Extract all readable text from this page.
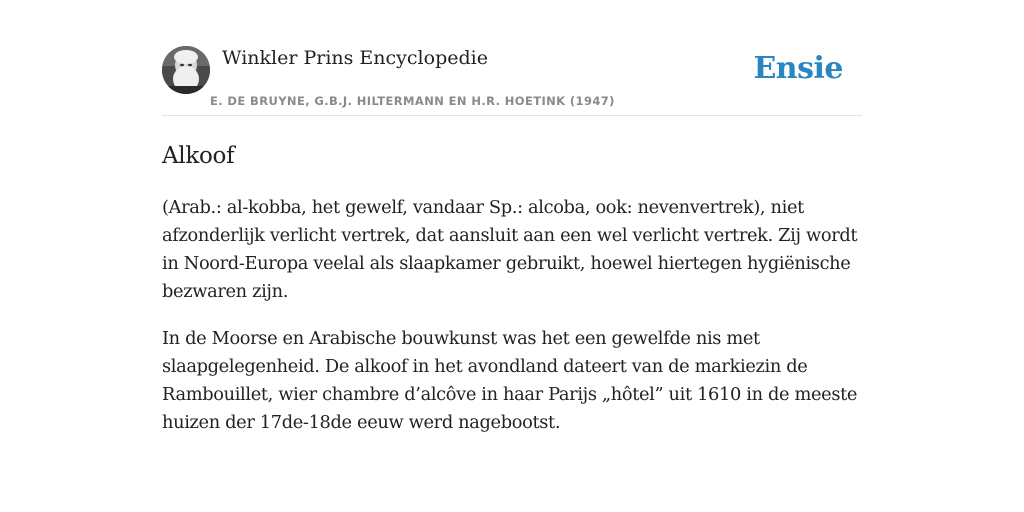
Winkler Prins Encyclopedie
E. DE BRUYNE, G.B.J. HILTERMANN EN H.R. HOETINK (1947)
Ensie
Alkoof

(Arab.: al-kobba, het gewelf, vandaar Sp.: alcoba, ook: nevenvertrek), niet afzonderlijk verlicht vertrek, dat aansluit aan een wel verlicht vertrek. Zij wordt in Noord-Europa veelal als slaapkamer gebruikt, hoewel hiertegen hygiënische bezwaren zijn.

In de Moorse en Arabische bouwkunst was het een gewelfde nis met slaapgelegenheid. De alkoof in het avondland dateert van de markiezin de Rambouillet, wier chambre d’alcôve in haar Parijs „hôtel” uit 1610 in de meeste huizen der 17de-18de eeuw werd nagebootst.
